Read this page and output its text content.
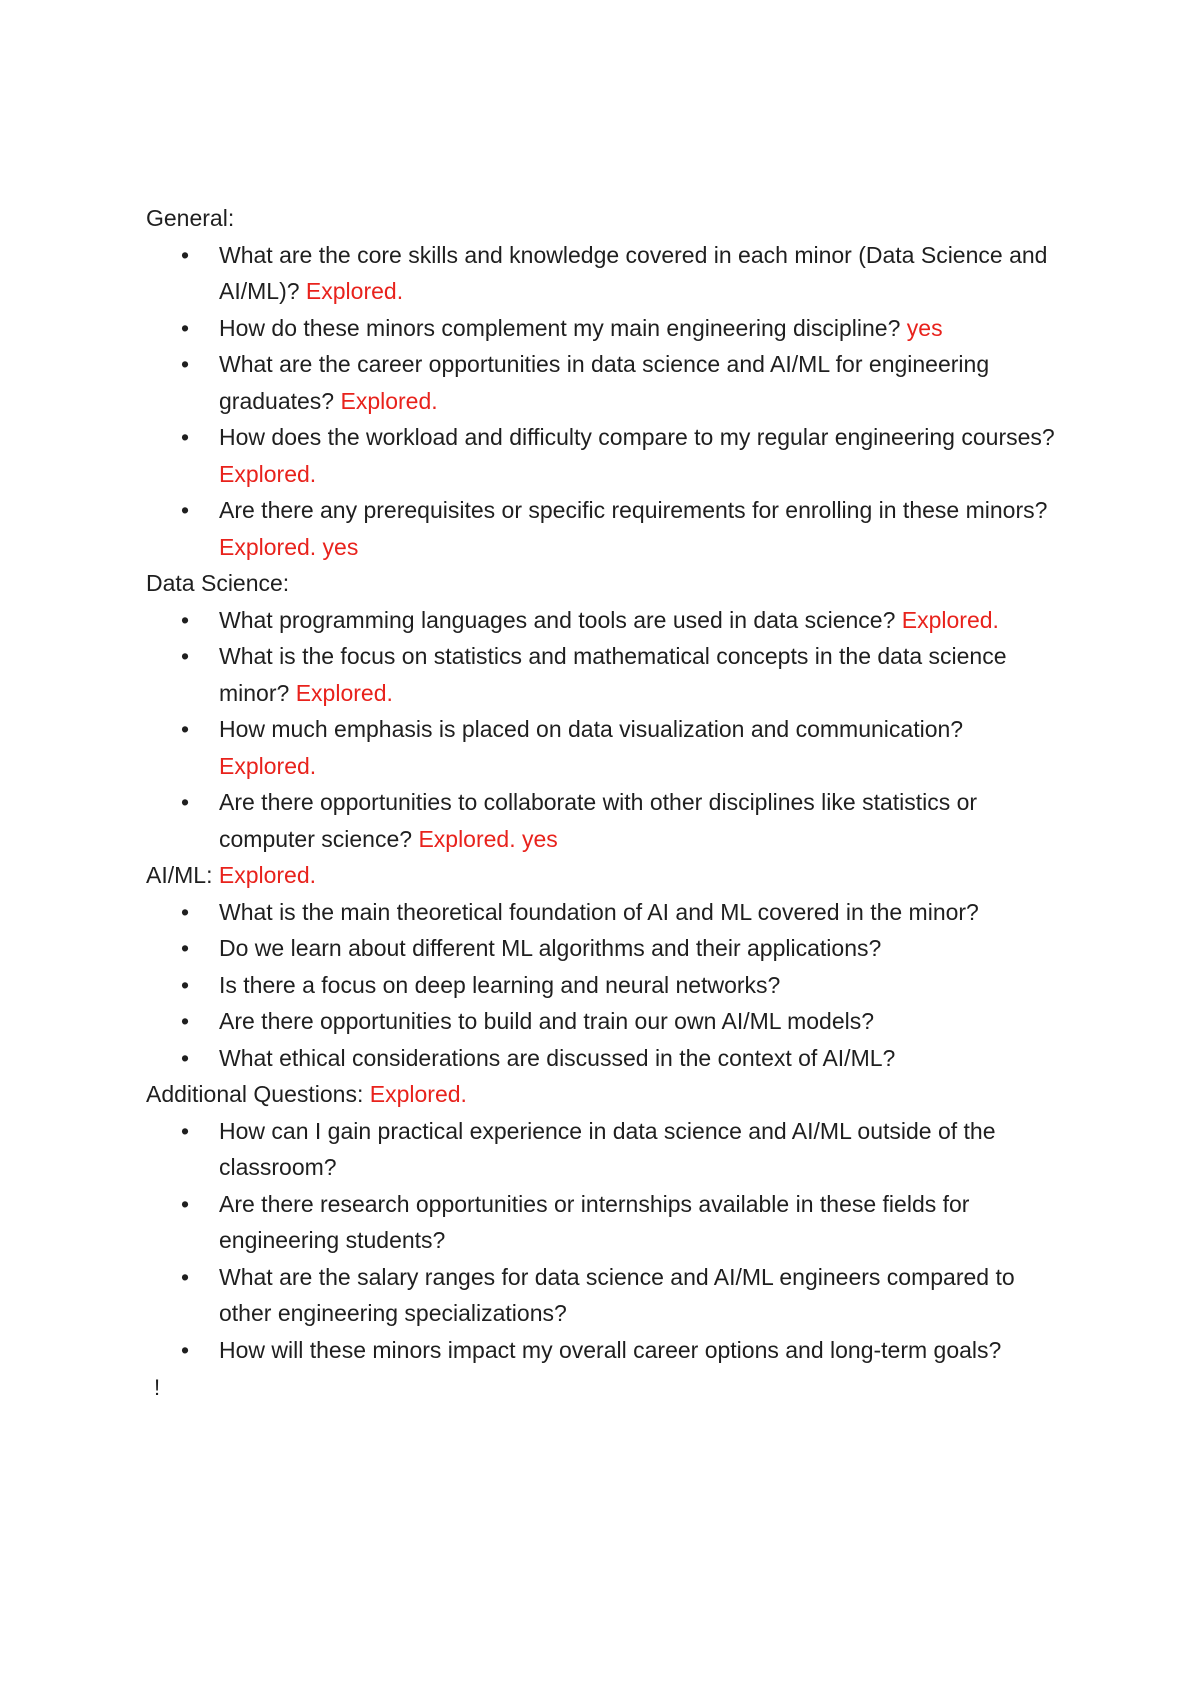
General:

• What are the core skills and knowledge covered in each minor (Data Science and AI/ML)? Explored.
• How do these minors complement my main engineering discipline? yes
• What are the career opportunities in data science and AI/ML for engineering graduates? Explored.
• How does the workload and difficulty compare to my regular engineering courses? Explored.
• Are there any prerequisites or specific requirements for enrolling in these minors? Explored. yes

Data Science:

• What programming languages and tools are used in data science? Explored.
• What is the focus on statistics and mathematical concepts in the data science minor? Explored.
• How much emphasis is placed on data visualization and communication? Explored.
• Are there opportunities to collaborate with other disciplines like statistics or computer science? Explored. yes

AI/ML: Explored.

• What is the main theoretical foundation of AI and ML covered in the minor?
• Do we learn about different ML algorithms and their applications?
• Is there a focus on deep learning and neural networks?
• Are there opportunities to build and train our own AI/ML models?
• What ethical considerations are discussed in the context of AI/ML?

Additional Questions: Explored.

• How can I gain practical experience in data science and AI/ML outside of the classroom?
• Are there research opportunities or internships available in these fields for engineering students?
• What are the salary ranges for data science and AI/ML engineers compared to other engineering specializations?
• How will these minors impact my overall career options and long-term goals?
!
